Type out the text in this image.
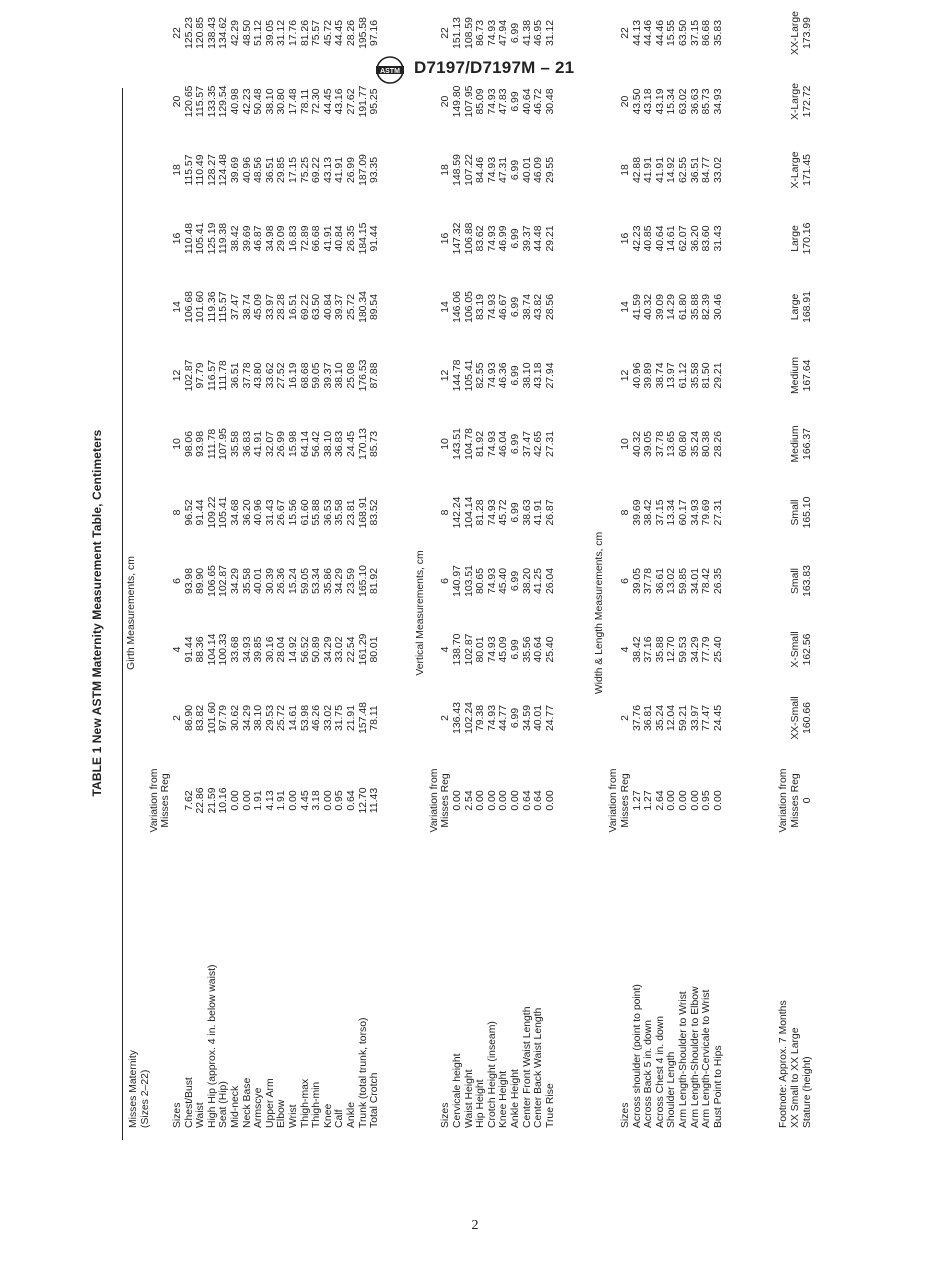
ASTM D7197/D7197M – 21
TABLE 1 New ASTM Maternity Measurement Table, Centimeters
Misses Maternity (Sizes 2–22)
Variation from Misses Reg
Girth Measurements, cm
Sizes
2
4
6
8
10
12
14
16
18
20
22
Chest/Bust
7.62
86.90
91.44
93.98
96.52
98.06
102.87
106.68
110.48
115.57
120.65
125.23
Waist
22.86
83.82
88.36
89.90
91.44
93.98
97.79
101.60
105.41
110.49
115.57
120.85
High Hip (approx. 4 in. below waist)
21.59
101.60
104.14
106.65
109.22
111.78
116.57
119.36
125.19
128.27
133.35
138.43
Seat (Hip)
10.16
97.79
100.33
102.87
105.41
107.95
111.78
115.57
119.38
124.48
129.54
134.62
Mid-neck
0.00
30.62
33.68
34.29
34.68
35.58
36.51
37.47
38.42
39.69
40.98
42.29
Neck Base
0.00
34.29
34.93
35.58
36.20
36.83
37.78
38.74
39.69
40.96
42.23
48.50
Armscye
1.91
38.10
39.85
40.01
40.96
41.91
43.80
45.09
46.87
48.56
50.48
51.12
Upper Arm
4.13
29.53
30.16
30.39
31.43
32.07
33.62
33.97
34.98
36.51
38.10
39.05
Elbow
1.91
25.72
28.04
26.36
26.67
26.99
27.52
28.28
29.09
29.85
30.80
31.12
Wrist
0.00
14.61
14.92
15.24
15.56
15.98
16.19
16.51
16.83
17.15
17.48
17.76
Thigh-max
4.45
53.98
56.52
59.05
61.60
64.14
68.68
69.22
72.89
75.25
78.11
81.26
Thigh-min
3.18
46.26
50.89
53.34
55.88
56.42
59.05
63.50
66.68
69.22
72.30
75.57
Knee
0.00
33.02
34.29
35.86
36.53
38.10
39.37
40.84
41.91
43.13
44.45
45.72
Calf
0.95
31.75
33.02
34.29
35.58
36.83
38.10
39.37
40.84
41.91
43.16
44.45
Ankle
0.64
21.91
22.54
23.59
23.81
24.45
25.08
25.72
26.35
26.99
27.62
28.26
Trunk (total trunk, torso)
12.70
157.48
161.29
165.10
168.91
170.13
176.53
180.34
184.15
187.09
191.77
195.58
Total Crotch
11.43
78.11
80.01
81.92
83.52
85.73
87.88
89.54
91.44
93.35
95.25
97.16
Vertical Measurements, cm
Variation from Misses Reg
Sizes
2
4
6
8
10
12
14
16
18
20
22
Cervicale height
0.00
136.43
138.70
140.97
142.24
143.51
144.78
146.06
147.32
148.59
149.80
151.13
Waist Height
2.54
102.24
102.87
103.51
104.14
104.78
105.41
106.05
106.88
107.22
107.95
108.59
Hip Height
0.00
79.38
80.01
80.65
81.28
81.92
82.55
83.19
83.62
84.46
85.09
86.73
Crotch Height (inseam)
0.00
74.93
74.93
74.93
74.93
74.93
74.93
74.93
74.93
74.93
74.93
74.93
Knee Height
0.00
44.77
45.09
45.40
45.72
46.04
46.36
46.67
46.99
47.31
47.83
47.94
Ankle Height
0.00
6.99
6.99
6.99
6.99
6.99
6.99
6.99
6.99
6.99
6.99
6.99
Center Front Waist Length
0.64
34.59
35.56
38.20
38.63
37.47
38.10
38.74
39.37
40.01
40.64
41.38
Center Back Waist Length
0.64
40.01
40.64
41.25
41.91
42.65
43.18
43.82
44.48
46.09
46.72
46.95
True Rise
0.00
24.77
25.40
26.04
26.87
27.31
27.94
28.56
29.21
29.55
30.48
31.12
Width & Length Measurements, cm
Variation from Misses Reg
Sizes
2
4
6
8
10
12
14
16
18
20
22
Across shoulder (point to point)
1.27
37.76
38.42
39.05
39.69
40.32
40.96
41.59
42.23
42.88
43.50
44.13
Across Back 5 in. down
1.27
36.81
37.16
37.78
38.42
39.05
39.89
40.32
40.85
41.91
43.18
44.46
Across Chest 4 in. down
2.64
35.24
35.88
36.61
37.15
37.78
38.74
39.09
40.64
41.91
43.19
44.46
Shoulder Length
0.00
12.04
12.70
13.02
13.34
13.65
13.97
14.29
14.61
14.92
15.34
15.55
Arm Length-Shoulder to Wrist
0.00
59.21
59.53
59.85
60.17
60.80
61.12
61.80
62.07
62.55
63.02
63.50
Arm Length-Shoulder to Elbow
0.00
33.97
34.29
34.01
34.93
35.24
35.58
35.88
36.20
36.51
36.63
37.15
Arm Length-Cervicale to Wrist
0.95
77.47
77.79
78.42
79.69
80.38
81.50
82.39
83.60
84.77
85.73
86.68
Bust Point to Hips
0.00
24.45
25.40
26.35
27.31
28.26
29.21
30.46
31.43
33.02
34.93
35.83
Footnote: Approx. 7 Months
Variation from
XX-Small
X-Small
Small
Small
Medium
Medium
Large
Large
X-Large
X-Large
XX-Large
XX Small to XX Large
Misses Reg
Stature (height)
0
160.66
162.56
163.83
165.10
166.37
167.64
168.91
170.16
171.45
172.72
173.99
2
